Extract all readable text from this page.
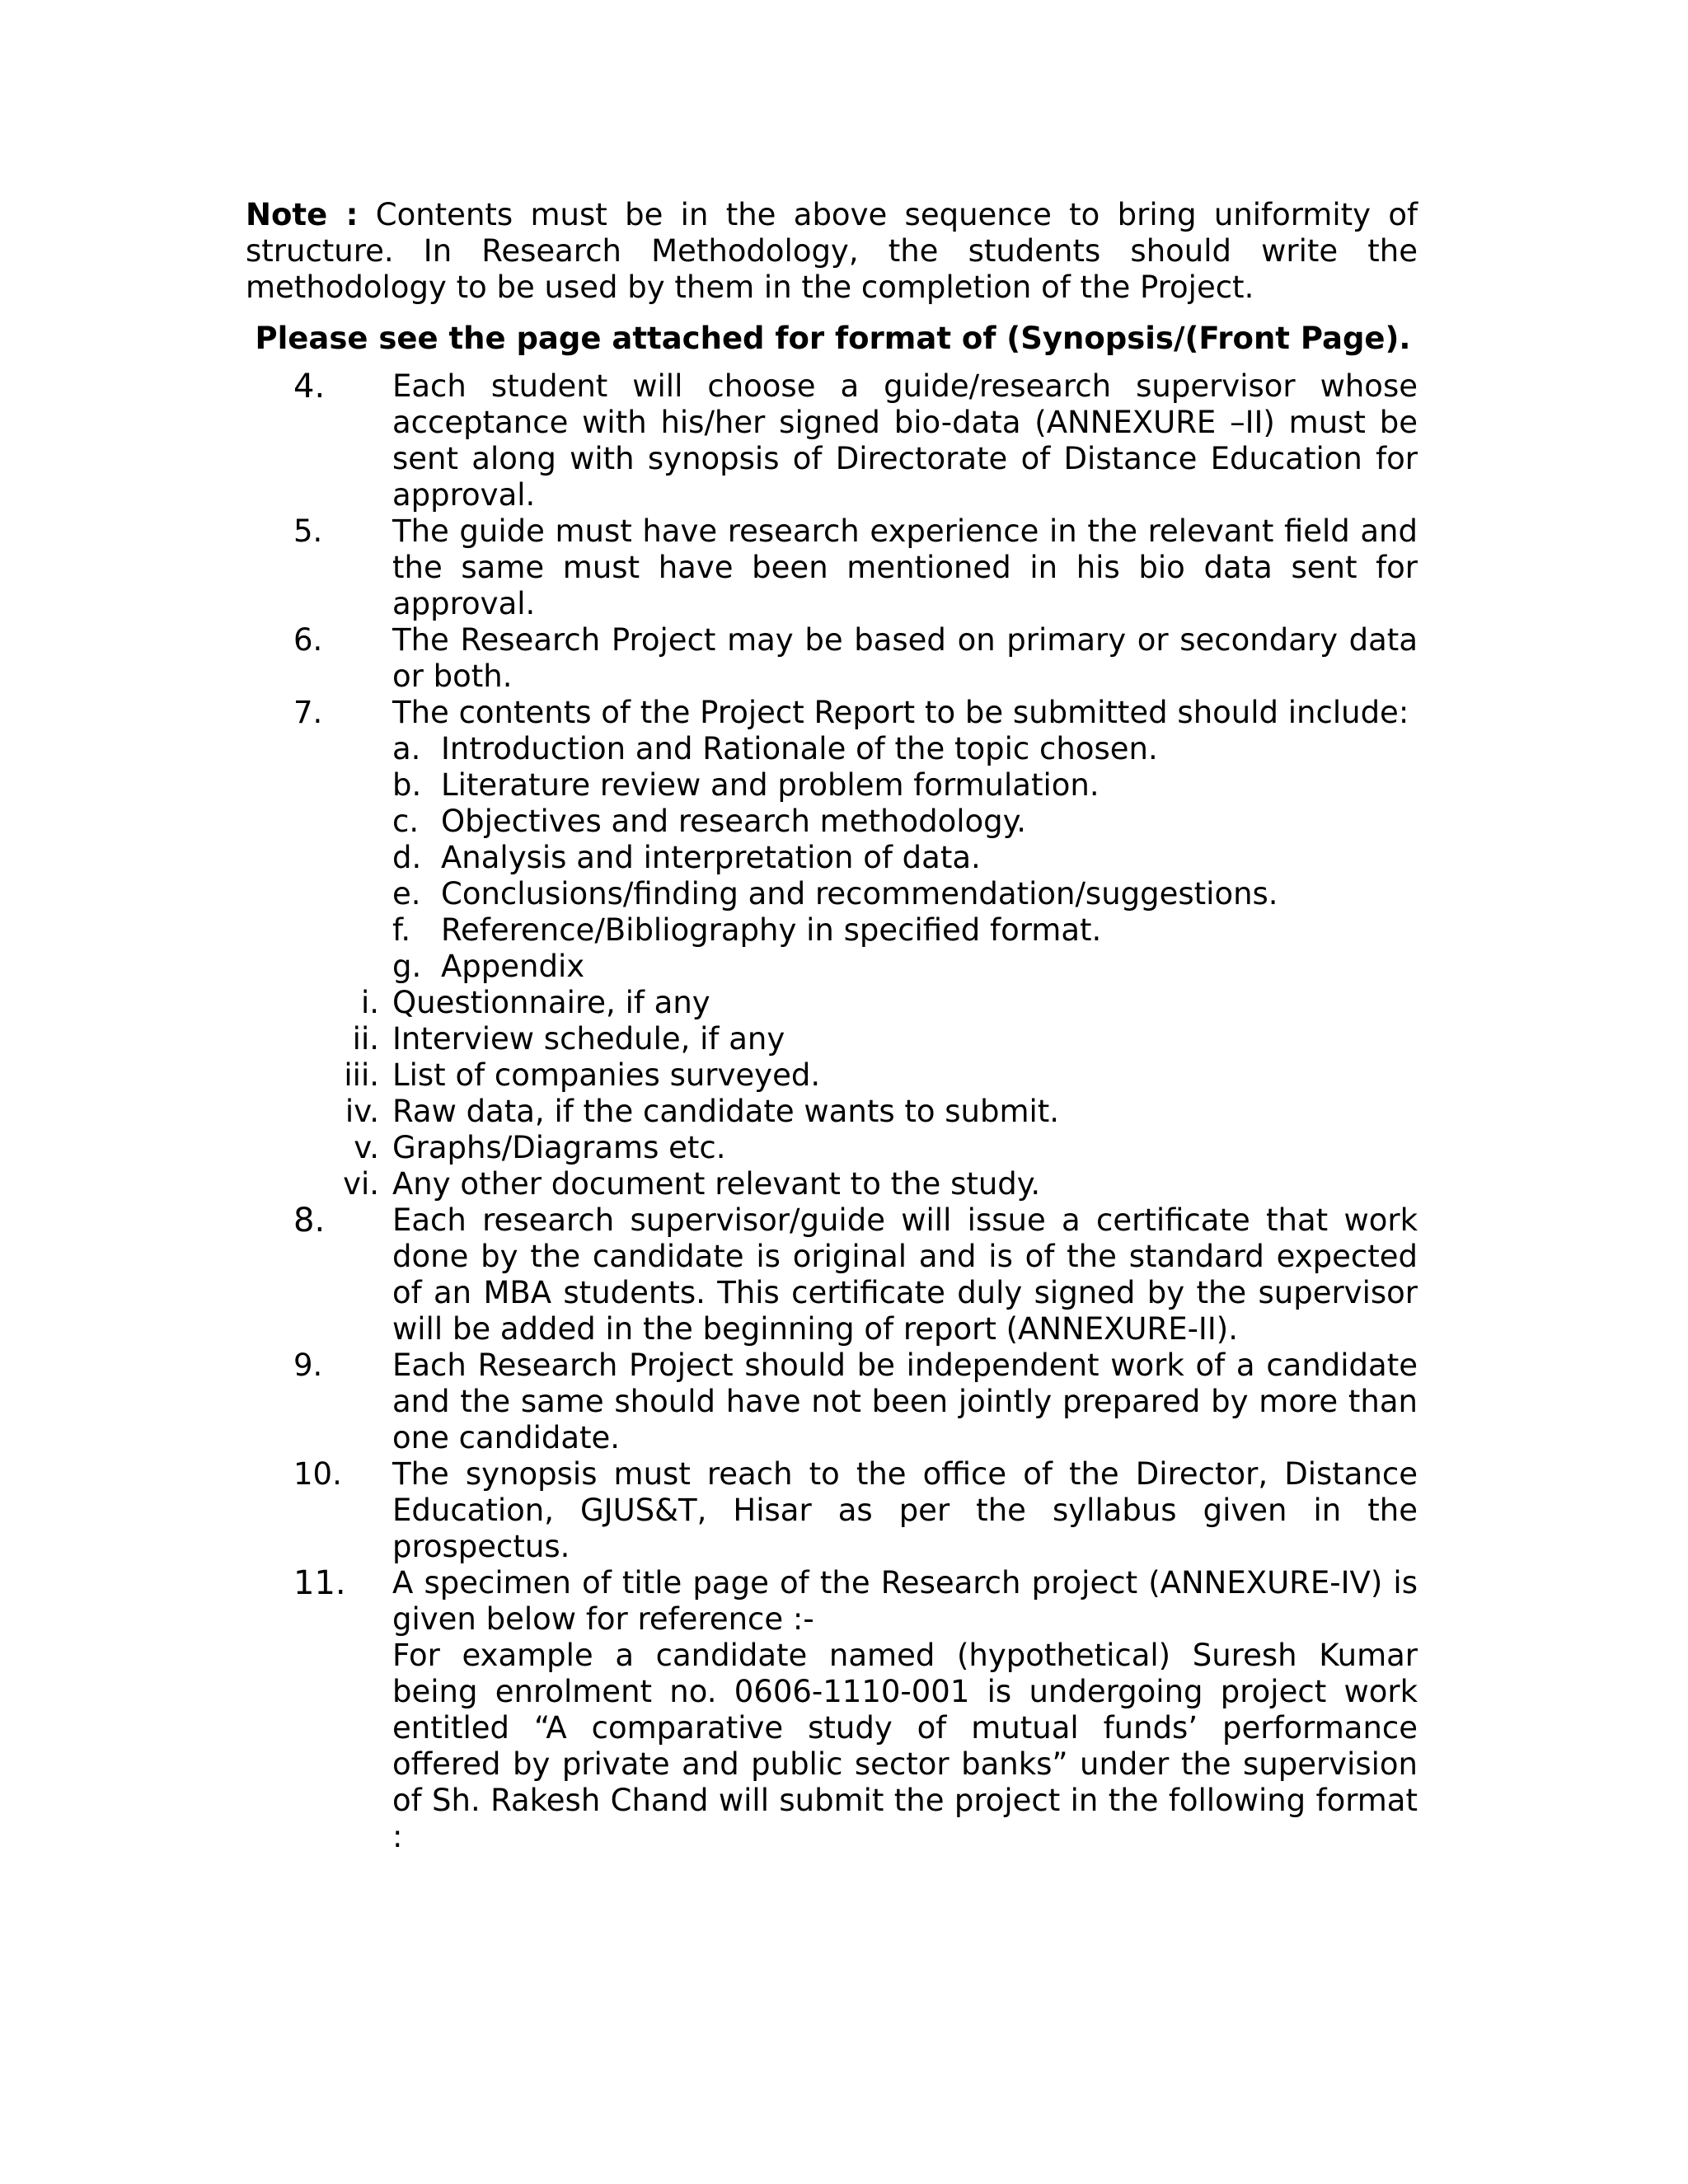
Note : Contents must be in the above sequence to bring uniformity of structure. In Research Methodology, the students should write the methodology to be used by them in the completion of the Project.

Please see the page attached for format of (Synopsis/(Front Page).
4. Each student will choose a guide/research supervisor whose acceptance with his/her signed bio-data (ANNEXURE –II) must be sent along with synopsis of Directorate of Distance Education for approval.
5. The guide must have research experience in the relevant field and the same must have been mentioned in his bio data sent for approval.
6. The Research Project may be based on primary or secondary data or both.
7. The contents of the Project Report to be submitted should include:
a. Introduction and Rationale of the topic chosen.
b. Literature review and problem formulation.
c. Objectives and research methodology.
d. Analysis and interpretation of data.
e. Conclusions/finding and recommendation/suggestions.
f. Reference/Bibliography in specified format.
g. Appendix
i. Questionnaire, if any
ii. Interview schedule, if any
iii. List of companies surveyed.
iv. Raw data, if the candidate wants to submit.
v. Graphs/Diagrams etc.
vi. Any other document relevant to the study.
8. Each research supervisor/guide will issue a certificate that work done by the candidate is original and is of the standard expected of an MBA students. This certificate duly signed by the supervisor will be added in the beginning of report (ANNEXURE-II).
9. Each Research Project should be independent work of a candidate and the same should have not been jointly prepared by more than one candidate.
10. The synopsis must reach to the office of the Director, Distance Education, GJUS&T, Hisar as per the syllabus given in the prospectus.
11. A specimen of title page of the Research project (ANNEXURE-IV) is given below for reference :-
For example a candidate named (hypothetical) Suresh Kumar being enrolment no. 0606-1110-001 is undergoing project work entitled “A comparative study of mutual funds’ performance offered by private and public sector banks” under the supervision of Sh. Rakesh Chand will submit the project in the following format :
